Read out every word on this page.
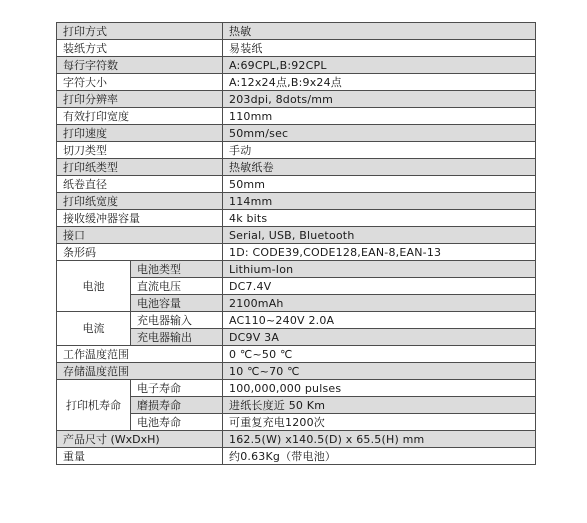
打印方式		热敏
装纸方式		易装纸
每行字符数		A:69CPL,B:92CPL
字符大小		A:12x24点,B:9x24点
打印分辨率		203dpi, 8dots/mm
有效打印宽度		110mm
打印速度		50mm/sec
切刀类型		手动
打印纸类型		热敏纸卷
纸卷直径		50mm
打印纸宽度		114mm
接收缓冲器容量		4k bits
接口		Serial, USB, Bluetooth
条形码		1D: CODE39,CODE128,EAN-8,EAN-13
电池	电池类型	Lithium-Ion
	直流电压	DC7.4V
	电池容量	2100mAh
电流	充电器输入	AC110~240V 2.0A
	充电器输出	DC9V 3A
工作温度范围		0 ℃~50 ℃
存储温度范围		10 ℃~70 ℃
打印机寿命	电子寿命	100,000,000 pulses
	磨损寿命	进纸长度近 50 Km
	电池寿命	可重复充电1200次
产品尺寸 (WxDxH)		162.5(W) x140.5(D) x 65.5(H) mm
重量		约0.63Kg（带电池）
